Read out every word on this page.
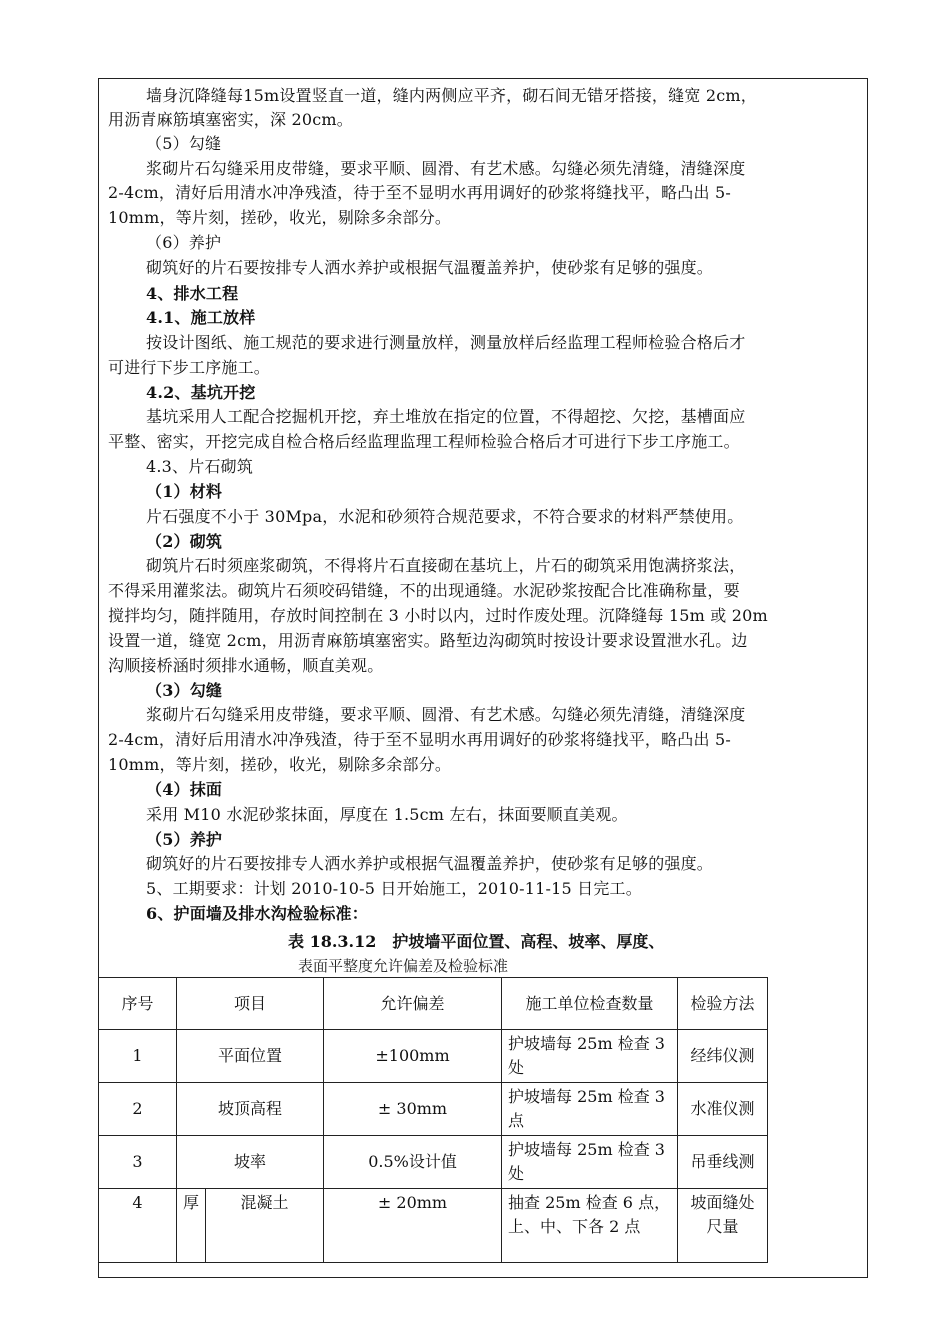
墙身沉降缝每15m设置竖直一道，缝内两侧应平齐，砌石间无错牙搭接，缝宽 2cm，
用沥青麻筋填塞密实，深 20cm。
（5）勾缝
浆砌片石勾缝采用皮带缝，要求平顺、圆滑、有艺术感。勾缝必须先清缝，清缝深度
2-4cm，清好后用清水冲净残渣，待于至不显明水再用调好的砂浆将缝找平，略凸出 5-
10mm，等片刻，搓砂，收光，剔除多余部分。
（6）养护
砌筑好的片石要按排专人洒水养护或根据气温覆盖养护，使砂浆有足够的强度。
4、排水工程
4.1、施工放样
按设计图纸、施工规范的要求进行测量放样，测量放样后经监理工程师检验合格后才
可进行下步工序施工。
4.2、基坑开挖
基坑采用人工配合挖掘机开挖，弃土堆放在指定的位置，不得超挖、欠挖，基槽面应
平整、密实，开挖完成自检合格后经监理监理工程师检验合格后才可进行下步工序施工。
4.3、片石砌筑
（1）材料
片石强度不小于 30Mpa，水泥和砂须符合规范要求，不符合要求的材料严禁使用。
（2）砌筑
砌筑片石时须座浆砌筑，不得将片石直接砌在基坑上，片石的砌筑采用饱满挤浆法，
不得采用灌浆法。砌筑片石须咬码错缝，不的出现通缝。水泥砂浆按配合比准确称量，要
搅拌均匀，随拌随用，存放时间控制在 3 小时以内，过时作废处理。沉降缝每 15m 或 20m
设置一道，缝宽 2cm，用沥青麻筋填塞密实。路堑边沟砌筑时按设计要求设置泄水孔。边
沟顺接桥涵时须排水通畅，顺直美观。
（3）勾缝
浆砌片石勾缝采用皮带缝，要求平顺、圆滑、有艺术感。勾缝必须先清缝，清缝深度
2-4cm，清好后用清水冲净残渣，待于至不显明水再用调好的砂浆将缝找平，略凸出 5-
10mm，等片刻，搓砂，收光，剔除多余部分。
（4）抹面
采用 M10 水泥砂浆抹面，厚度在 1.5cm 左右，抹面要顺直美观。
（5）养护
砌筑好的片石要按排专人洒水养护或根据气温覆盖养护，使砂浆有足够的强度。
5、工期要求：计划 2010-10-5 日开始施工，2010-11-15 日完工。
6、护面墙及排水沟检验标准：
表 18.3.12　护坡墙平面位置、高程、坡率、厚度、
表面平整度允许偏差及检验标准
序号	项目		允许偏差	施工单位检查数量	检验方法
1	平面位置		±100mm	护坡墙每 25m 检查 3 处	经纬仪测
2	坡顶高程		± 30mm	护坡墙每 25m 检查 3 点	水准仪测
3	坡率		0.5%设计值	护坡墙每 25m 检查 3 处	吊垂线测
4	厚	混凝土	± 20mm	抽查 25m 检查 6 点，上、中、下各 2 点	坡面缝处尺量
